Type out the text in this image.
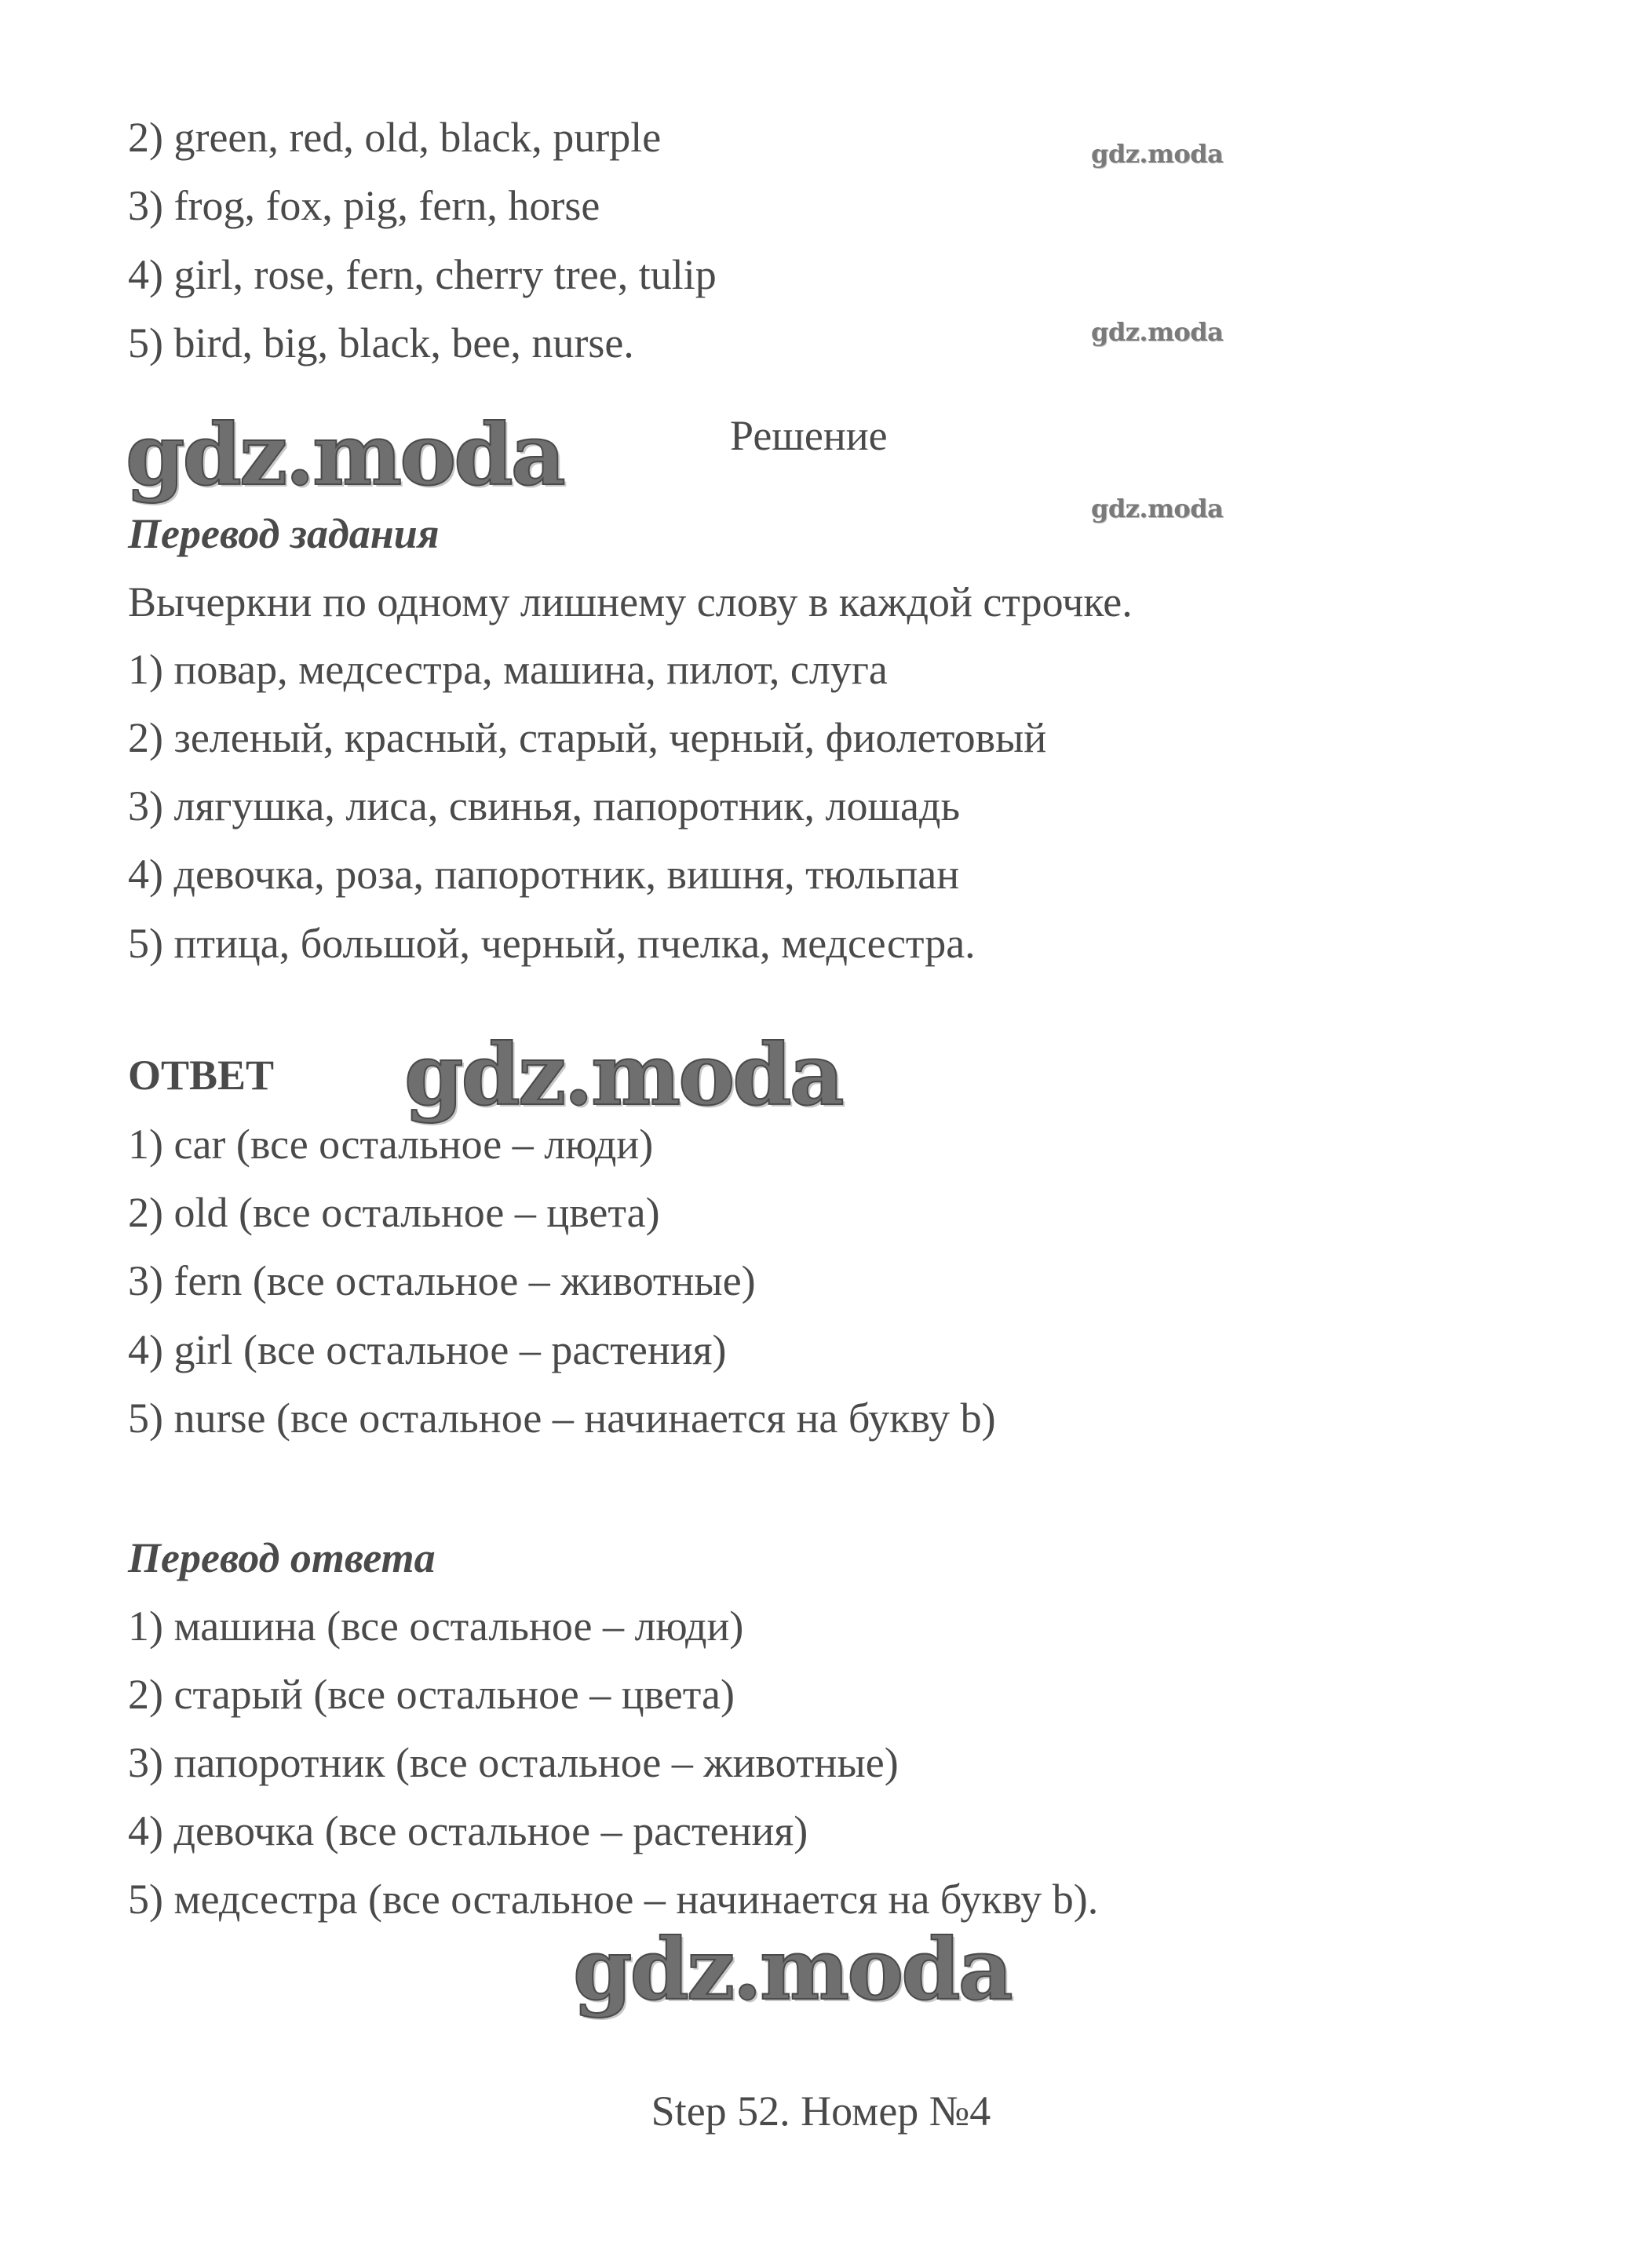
2) green, red, old, black, purple
3) frog, fox, pig, fern, horse
4) girl, rose, fern, cherry tree, tulip
5) bird, big, black, bee, nurse.
gdz.moda
gdz.moda
gdz.moda
Решение
gdz.moda
Перевод задания
Вычеркни по одному лишнему слову в каждой строчке.
1) повар, медсестра, машина, пилот, слуга
2) зеленый, красный, старый, черный, фиолетовый
3) лягушка, лиса, свинья, папоротник, лошадь
4) девочка, роза, папоротник, вишня, тюльпан
5) птица, большой, черный, пчелка, медсестра.
ОТВЕТ gdz.moda
1) car (все остальное – люди)
2) old (все остальное – цвета)
3) fern (все остальное – животные)
4) girl (все остальное – растения)
5) nurse (все остальное – начинается на букву b)
Перевод ответа
1) машина (все остальное – люди)
2) старый (все остальное – цвета)
3) папоротник (все остальное – животные)
4) девочка (все остальное – растения)
5) медсестра (все остальное – начинается на букву b).
gdz.moda
Step 52. Номер №4
